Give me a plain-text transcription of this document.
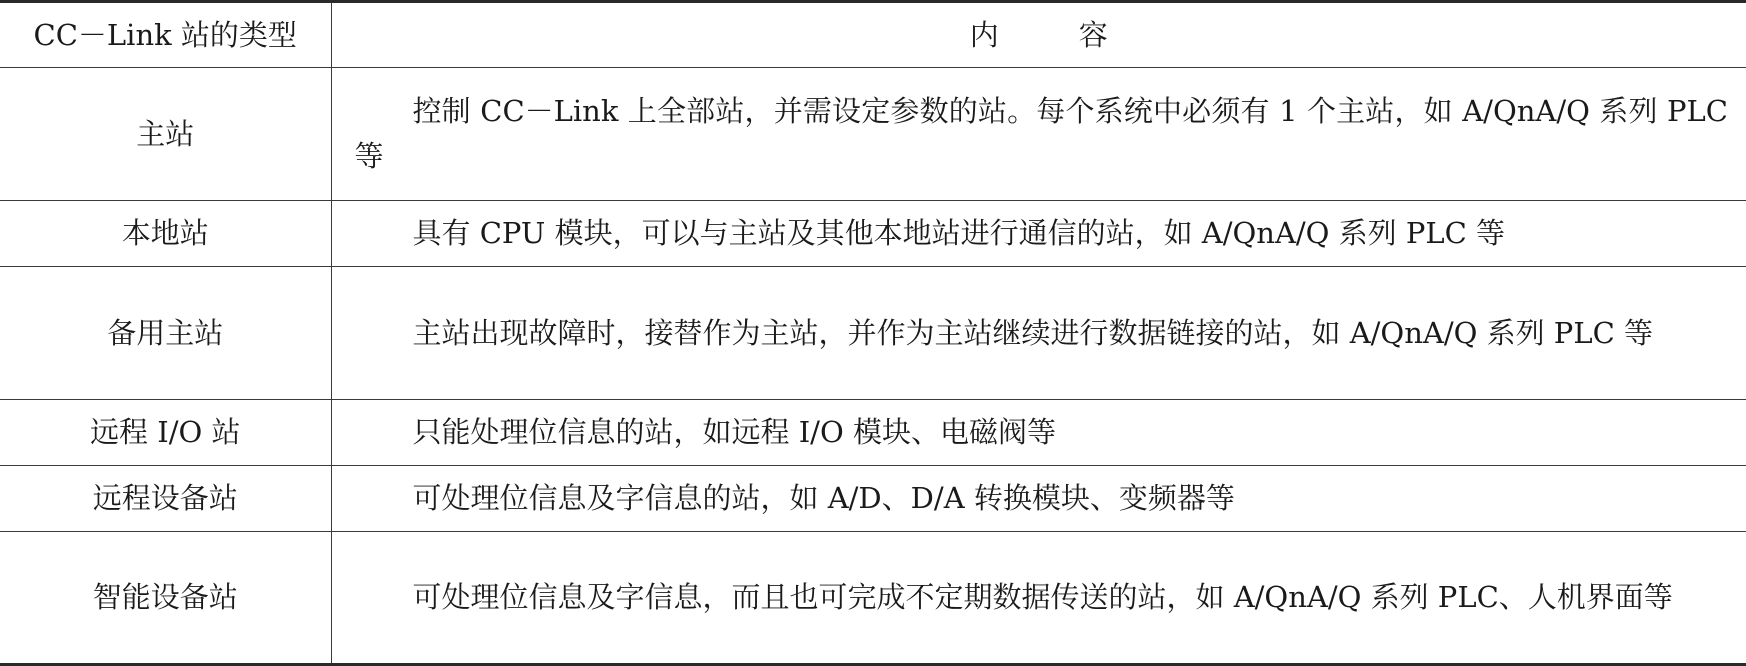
CC－Link 站的类型	内 容
主站	控制 CC－Link 上全部站，并需设定参数的站。每个系统中必须有 1 个主站，如 A/QnA/Q 系列 PLC 等

本地站	具有 CPU 模块，可以与主站及其他本地站进行通信的站，如 A/QnA/Q 系列 PLC 等

备用主站	主站出现故障时，接替作为主站，并作为主站继续进行数据链接的站，如 A/QnA/Q 系列 PLC 等

远程 I/O 站	只能处理位信息的站，如远程 I/O 模块、电磁阀等

远程设备站	可处理位信息及字信息的站，如 A/D、D/A 转换模块、变频器等

智能设备站	可处理位信息及字信息，而且也可完成不定期数据传送的站，如 A/QnA/Q 系列 PLC、人机界面等
